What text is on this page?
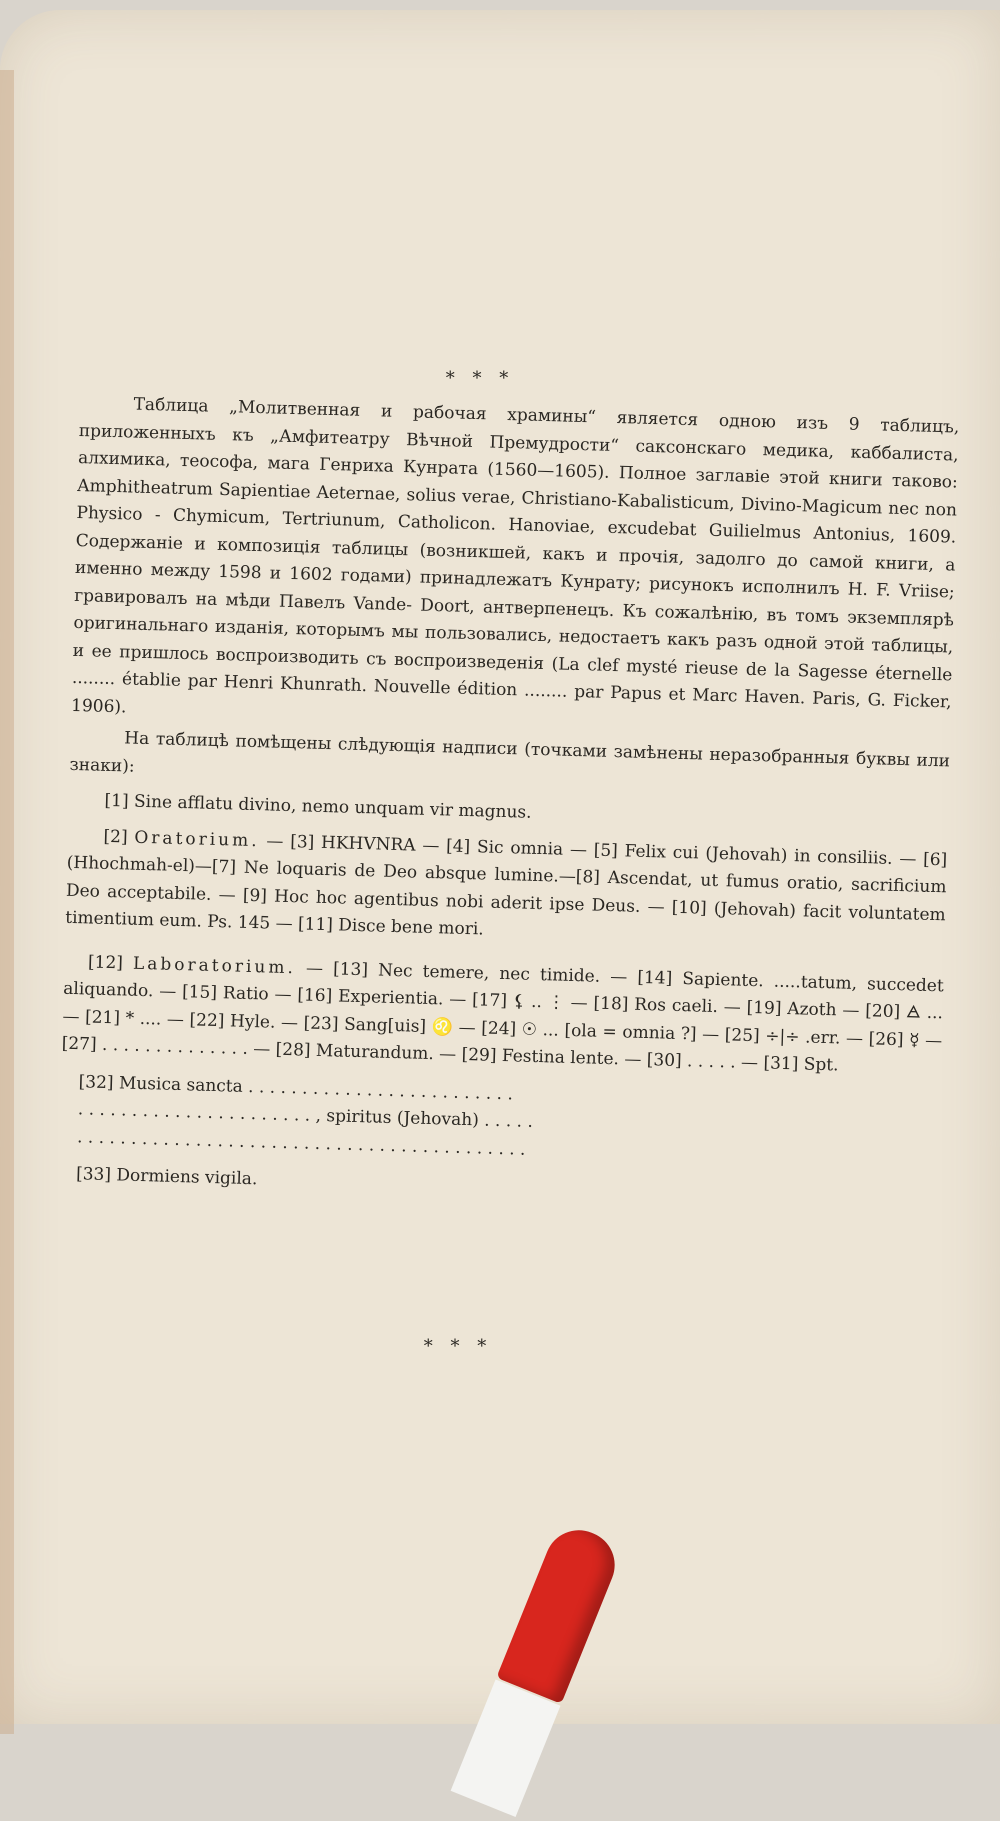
* * *

Таблица „Молитвенная и рабочая храмины“ является одною изъ 9 таблицъ, приложенныхъ къ „Амфитеатру Вѣчной Премудрости“ саксонскаго медика, каббалиста, алхимика, теософа, мага Генриха Кунрата (1560—1605). Полное заглавіе этой книги таково: Amphitheatrum Sapientiae Aeternae, solius verae, Christiano-Kabalisticum, Divino-Magicum nec non Physico - Chymicum, Tertriunum, Catholicon. Hanoviae, excudebat Guilielmus Antonius, 1609. Содержаніе и композиція таблицы (возникшей, какъ и прочія, задолго до самой книги, а именно между 1598 и 1602 годами) принадлежатъ Кунрату; рисунокъ исполнилъ H. F. Vriise; гравировалъ на мѣди Павелъ Vande- Doort, антверпенецъ. Къ сожалѣнію, въ томъ экземплярѣ оригинальнаго изданія, которымъ мы пользовались, недостаетъ какъ разъ одной этой таблицы, и ее пришлось воспроизводить съ воспроизведенія (La clef mysté rieuse de la Sagesse éternelle ........ établie par Henri Khunrath. Nouvelle édition ........ par Papus et Marc Haven. Paris, G. Ficker, 1906).

На таблицѣ помѣщены слѣдующія надписи (точками замѣнены неразобранныя буквы или знаки):

[1] Sine afflatu divino, nemo unquam vir magnus.

[2] Oratorium. — [3] HKHVNRA — [4] Sic omnia — [5] Felix cui (Jehovah) in consiliis. — [6] (Hhochmah-el)—[7] Ne loquaris de Deo absque lumine.—[8] Ascendat, ut fumus oratio, sacrificium Deo acceptabile. — [9] Hoc hoc agentibus nobi aderit ipse Deus. — [10] (Jehovah) facit voluntatem timentium eum. Ps. 145 — [11] Disce bene mori.

[12] Laboratorium. — [13] Nec temere, nec timide. — [14] Sapiente. .....tatum, succedet aliquando. — [15] Ratio — [16] Experientia. — [17] ⚸ .. ⋮ — [18] Ros caeli. — [19] Azoth — [20] 🜁 ... — [21] * .... — [22] Hyle. — [23] Sang[uis] ♌ — [24] ☉ ... [ola = omnia ?] — [25] ÷|÷ .err. — [26] ☿ — [27] . . . . . . . . . . . . . . — [28] Maturandum. — [29] Festina lente. — [30] . . . . . — [31] Spt.

[32] Musica sancta . . . . . . . . . . . . . . . . . . . . . . . . .
. . . . . . . . . . . . . . . . . . . . . . , spiritus (Jehovah) . . . . .
. . . . . . . . . . . . . . . . . . . . . . . . . . . . . . . . . . . . . . . . . .

[33] Dormiens vigila.

* * *
